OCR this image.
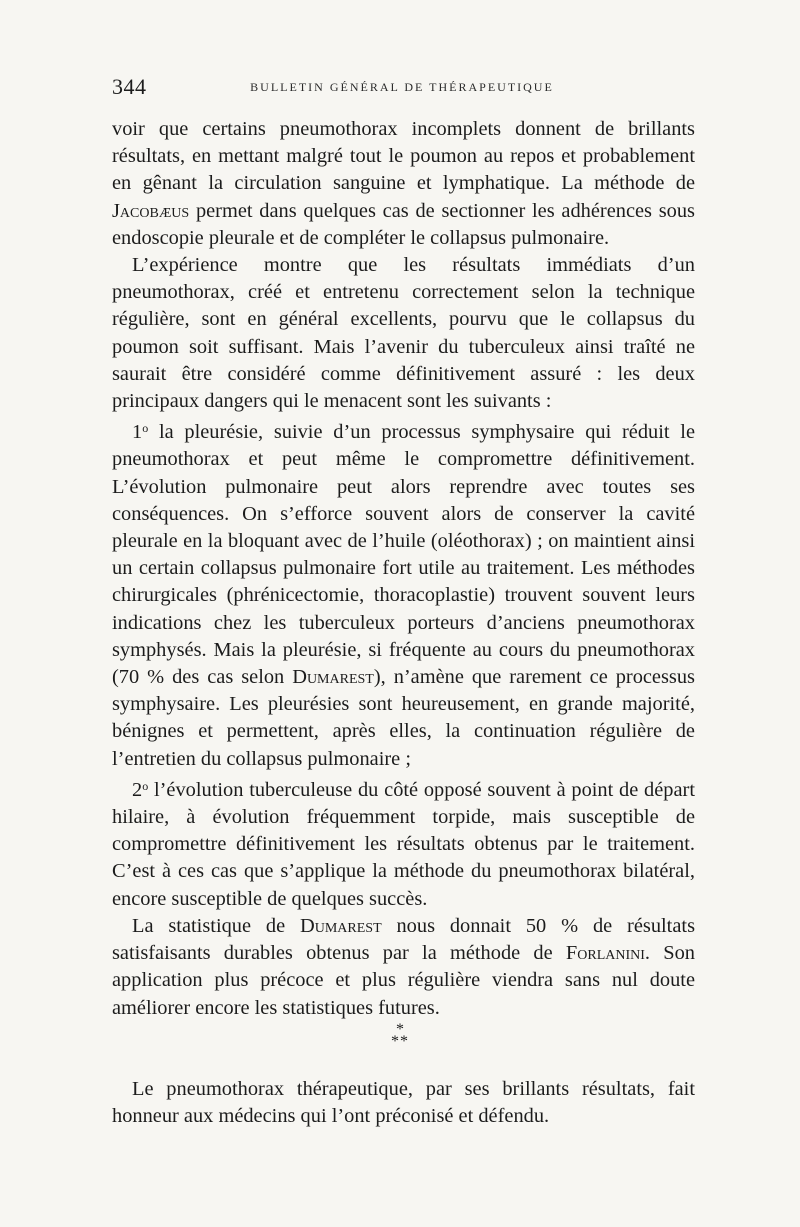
344	BULLETIN GÉNÉRAL DE THÉRAPEUTIQUE

voir que certains pneumothorax incomplets donnent de brillants résultats, en mettant malgré tout le poumon au repos et probablement en gênant la circulation sanguine et lymphatique. La méthode de Jacobæus permet dans quelques cas de sectionner les adhérences sous endoscopie pleurale et de compléter le collapsus pulmonaire.

L’expérience montre que les résultats immédiats d’un pneumothorax, créé et entretenu correctement selon la technique régulière, sont en général excellents, pourvu que le collapsus du poumon soit suffisant. Mais l’avenir du tuberculeux ainsi traîté ne saurait être considéré comme définitivement assuré : les deux principaux dangers qui le menacent sont les suivants :

1$^o$ la pleurésie, suivie d’un processus symphysaire qui réduit le pneumothorax et peut même le compromettre définitivement. L’évolution pulmonaire peut alors reprendre avec toutes ses conséquences. On s’efforce souvent alors de conserver la cavité pleurale en la bloquant avec de l’huile (oléothorax) ; on maintient ainsi un certain collapsus pulmonaire fort utile au traitement. Les méthodes chirurgicales (phrénicectomie, thoracoplastie) trouvent souvent leurs indications chez les tuberculeux porteurs d’anciens pneumothorax symphysés. Mais la pleurésie, si fréquente au cours du pneumothorax (70 % des cas selon Dumarest), n’amène que rarement ce processus symphysaire. Les pleurésies sont heureusement, en grande majorité, bénignes et permettent, après elles, la continuation régulière de l’entretien du collapsus pulmonaire ;

2$^o$ l’évolution tuberculeuse du côté opposé souvent à point de départ hilaire, à évolution fréquemment torpide, mais susceptible de compromettre définitivement les résultats obtenus par le traitement. C’est à ces cas que s’applique la méthode du pneumothorax bilatéral, encore susceptible de quelques succès.

La statistique de Dumarest nous donnait 50 % de résultats satisfaisants durables obtenus par la méthode de Forlanini. Son application plus précoce et plus régulière viendra sans nul doute améliorer encore les statistiques futures.

*
**

Le pneumothorax thérapeutique, par ses brillants résultats, fait honneur aux médecins qui l’ont préconisé et défendu.
